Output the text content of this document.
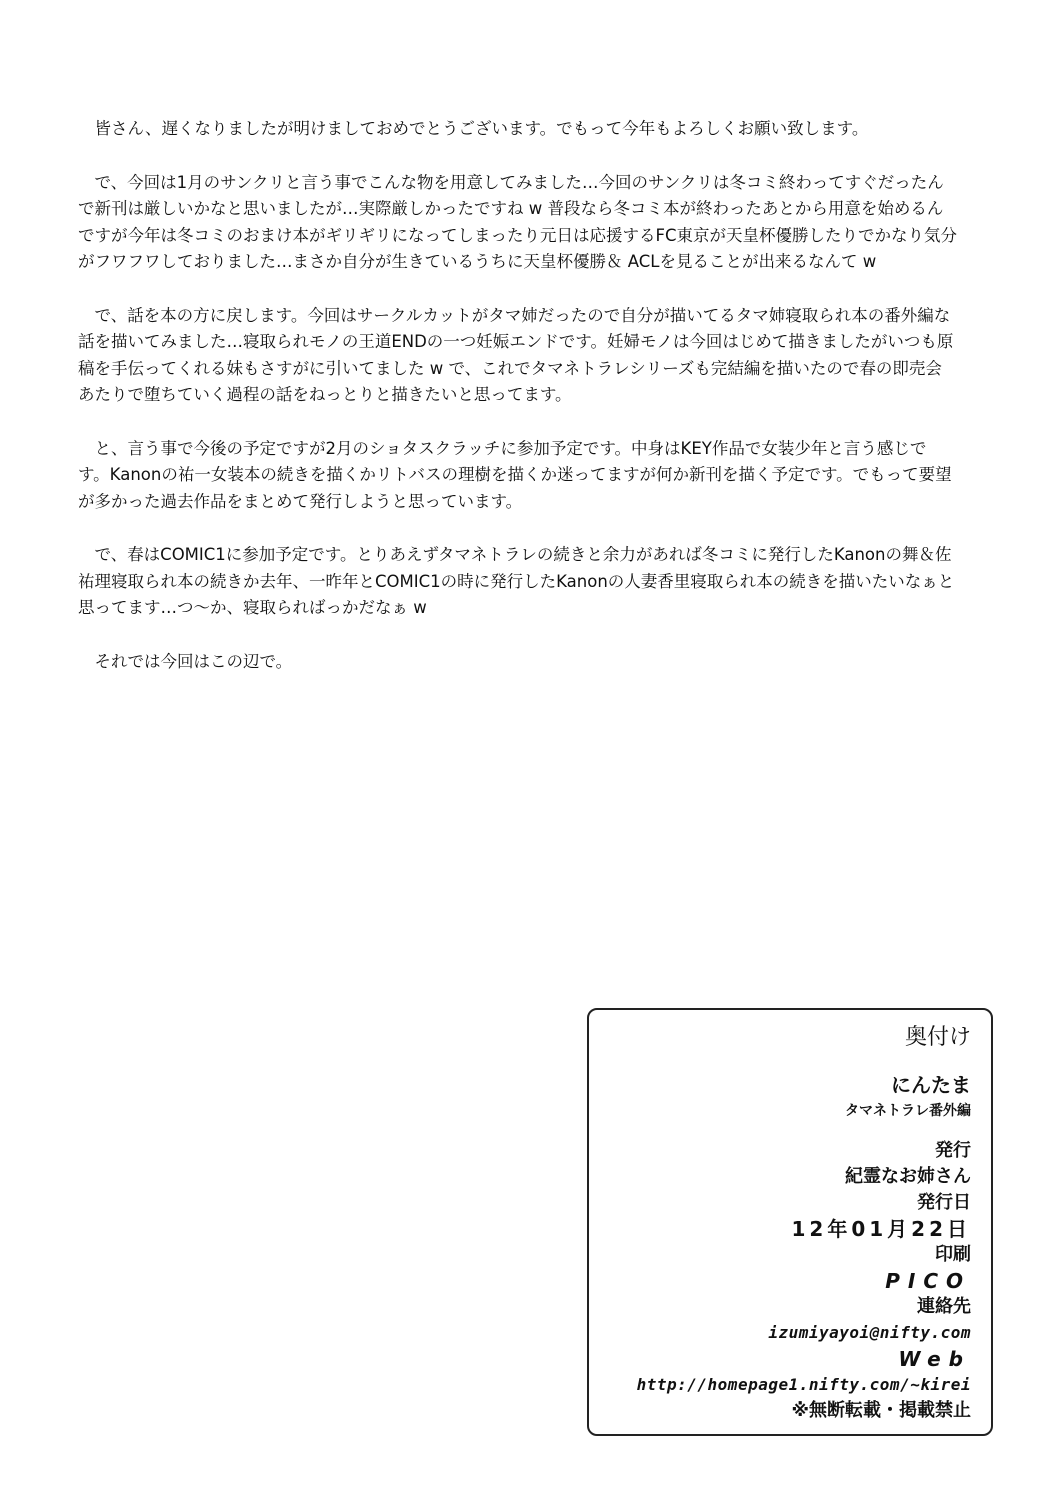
皆さん、遅くなりましたが明けましておめでとうございます。でもって今年もよろしくお願い致します。

で、今回は1月のサンクリと言う事でこんな物を用意してみました…今回のサンクリは冬コミ終わってすぐだったんで新刊は厳しいかなと思いましたが…実際厳しかったですね w 普段なら冬コミ本が終わったあとから用意を始めるんですが今年は冬コミのおまけ本がギリギリになってしまったり元日は応援するFC東京が天皇杯優勝したりでかなり気分がフワフワしておりました…まさか自分が生きているうちに天皇杯優勝＆ ACLを見ることが出来るなんて w

で、話を本の方に戻します。今回はサークルカットがタマ姉だったので自分が描いてるタマ姉寝取られ本の番外編な話を描いてみました…寝取られモノの王道ENDの一つ妊娠エンドです。妊婦モノは今回はじめて描きましたがいつも原稿を手伝ってくれる妹もさすがに引いてました w で、これでタマネトラレシリーズも完結編を描いたので春の即売会あたりで堕ちていく過程の話をねっとりと描きたいと思ってます。

と、言う事で今後の予定ですが2月のショタスクラッチに参加予定です。中身はKEY作品で女装少年と言う感じです。Kanonの祐一女装本の続きを描くかリトバスの理樹を描くか迷ってますが何か新刊を描く予定です。でもって要望が多かった過去作品をまとめて発行しようと思っています。

で、春はCOMIC1に参加予定です。とりあえずタマネトラレの続きと余力があれば冬コミに発行したKanonの舞＆佐祐理寝取られ本の続きか去年、一昨年とCOMIC1の時に発行したKanonの人妻香里寝取られ本の続きを描いたいなぁと思ってます…つ～か、寝取らればっかだなぁ w

それでは今回はこの辺で。

奥付け
にんたま
タマネトラレ番外編
発行
紀霊なお姉さん
発行日
12年01月22日
印刷
PICO
連絡先
izumiyayoi@nifty.com
Web
http://homepage1.nifty.com/~kirei
※無断転載・掲載禁止
